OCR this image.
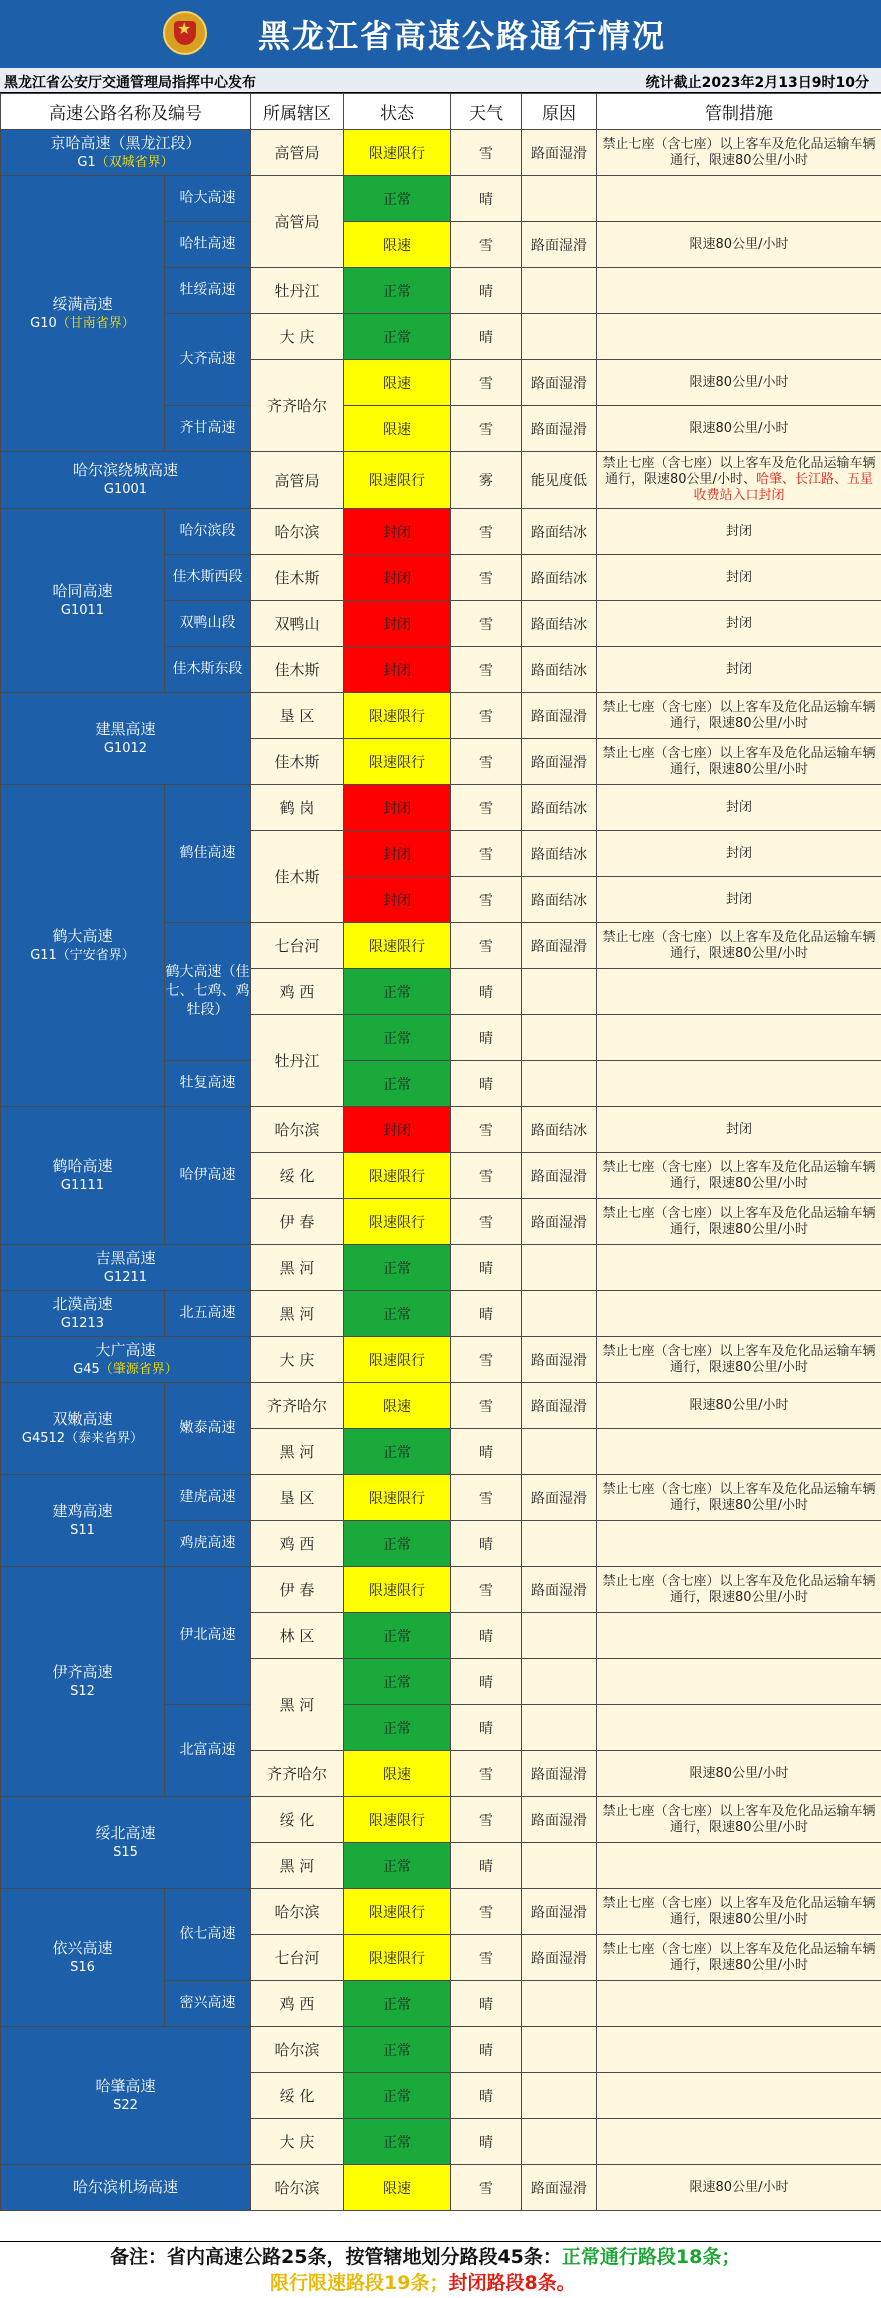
★
黑龙江省高速公路通行情况
黑龙江省公安厅交通管理局指挥中心发布	统计截止2023年2月13日9时10分
高速公路名称及编号		所属辖区	状态	天气	原因	管制措施

京哈高速（黑龙江段）
G1（双城省界）		高管局	限速限行	雪	路面湿滑	禁止七座（含七座）以上客车及危化品运输车辆通行，限速80公里/小时

绥满高速
G10（甘南省界）	哈大高速	高管局	正常	晴		
	哈牡高速		限速	雪	路面湿滑	限速80公里/小时
	牡绥高速	牡丹江	正常	晴		
	大齐高速	大 庆	正常	晴		
		齐齐哈尔	限速	雪	路面湿滑	限速80公里/小时
	齐甘高速		限速	雪	路面湿滑	限速80公里/小时

哈尔滨绕城高速
G1001		高管局	限速限行	雾	能见度低	禁止七座（含七座）以上客车及危化品运输车辆通行，限速80公里/小时、哈肇、长江路、五星收费站入口封闭

哈同高速
G1011	哈尔滨段	哈尔滨	封闭	雪	路面结冰	封闭
	佳木斯西段	佳木斯	封闭	雪	路面结冰	封闭
	双鸭山段	双鸭山	封闭	雪	路面结冰	封闭
	佳木斯东段	佳木斯	封闭	雪	路面结冰	封闭

建黑高速
G1012		垦 区	限速限行	雪	路面湿滑	禁止七座（含七座）以上客车及危化品运输车辆通行，限速80公里/小时
		佳木斯	限速限行	雪	路面湿滑	禁止七座（含七座）以上客车及危化品运输车辆通行，限速80公里/小时

鹤大高速
G11（宁安省界）	鹤佳高速	鹤 岗	封闭	雪	路面结冰	封闭
		佳木斯	封闭	雪	路面结冰	封闭
			封闭	雪	路面结冰	封闭
	鹤大高速（佳七、七鸡、鸡牡段）	七台河	限速限行	雪	路面湿滑	禁止七座（含七座）以上客车及危化品运输车辆通行，限速80公里/小时
		鸡 西	正常	晴		
		牡丹江	正常	晴		
	牡复高速		正常	晴		

鹤哈高速
G1111	哈伊高速	哈尔滨	封闭	雪	路面结冰	封闭
		绥 化	限速限行	雪	路面湿滑	禁止七座（含七座）以上客车及危化品运输车辆通行，限速80公里/小时
		伊 春	限速限行	雪	路面湿滑	禁止七座（含七座）以上客车及危化品运输车辆通行，限速80公里/小时

吉黑高速
G1211		黑 河	正常	晴		

北漠高速
G1213	北五高速	黑 河	正常	晴		

大广高速
G45（肇源省界）		大 庆	限速限行	雪	路面湿滑	禁止七座（含七座）以上客车及危化品运输车辆通行，限速80公里/小时

双嫩高速
G4512（泰来省界）	嫩泰高速	齐齐哈尔	限速	雪	路面湿滑	限速80公里/小时
		黑 河	正常	晴		

建鸡高速
S11	建虎高速	垦 区	限速限行	雪	路面湿滑	禁止七座（含七座）以上客车及危化品运输车辆通行，限速80公里/小时
	鸡虎高速	鸡 西	正常	晴		

伊齐高速
S12	伊北高速	伊 春	限速限行	雪	路面湿滑	禁止七座（含七座）以上客车及危化品运输车辆通行，限速80公里/小时
		林 区	正常	晴		
		黑 河	正常	晴		
	北富高速		正常	晴		
		齐齐哈尔	限速	雪	路面湿滑	限速80公里/小时

绥北高速
S15		绥 化	限速限行	雪	路面湿滑	禁止七座（含七座）以上客车及危化品运输车辆通行，限速80公里/小时
		黑 河	正常	晴		

依兴高速
S16	依七高速	哈尔滨	限速限行	雪	路面湿滑	禁止七座（含七座）以上客车及危化品运输车辆通行，限速80公里/小时
		七台河	限速限行	雪	路面湿滑	禁止七座（含七座）以上客车及危化品运输车辆通行，限速80公里/小时
	密兴高速	鸡 西	正常	晴		

哈肇高速
S22		哈尔滨	正常	晴		
		绥 化	正常	晴		
		大 庆	正常	晴		

哈尔滨机场高速		哈尔滨	限速	雪	路面湿滑	限速80公里/小时
备注：省内高速公路25条，按管辖地划分路段45条：正常通行路段18条；
限行限速路段19条；封闭路段8条。
